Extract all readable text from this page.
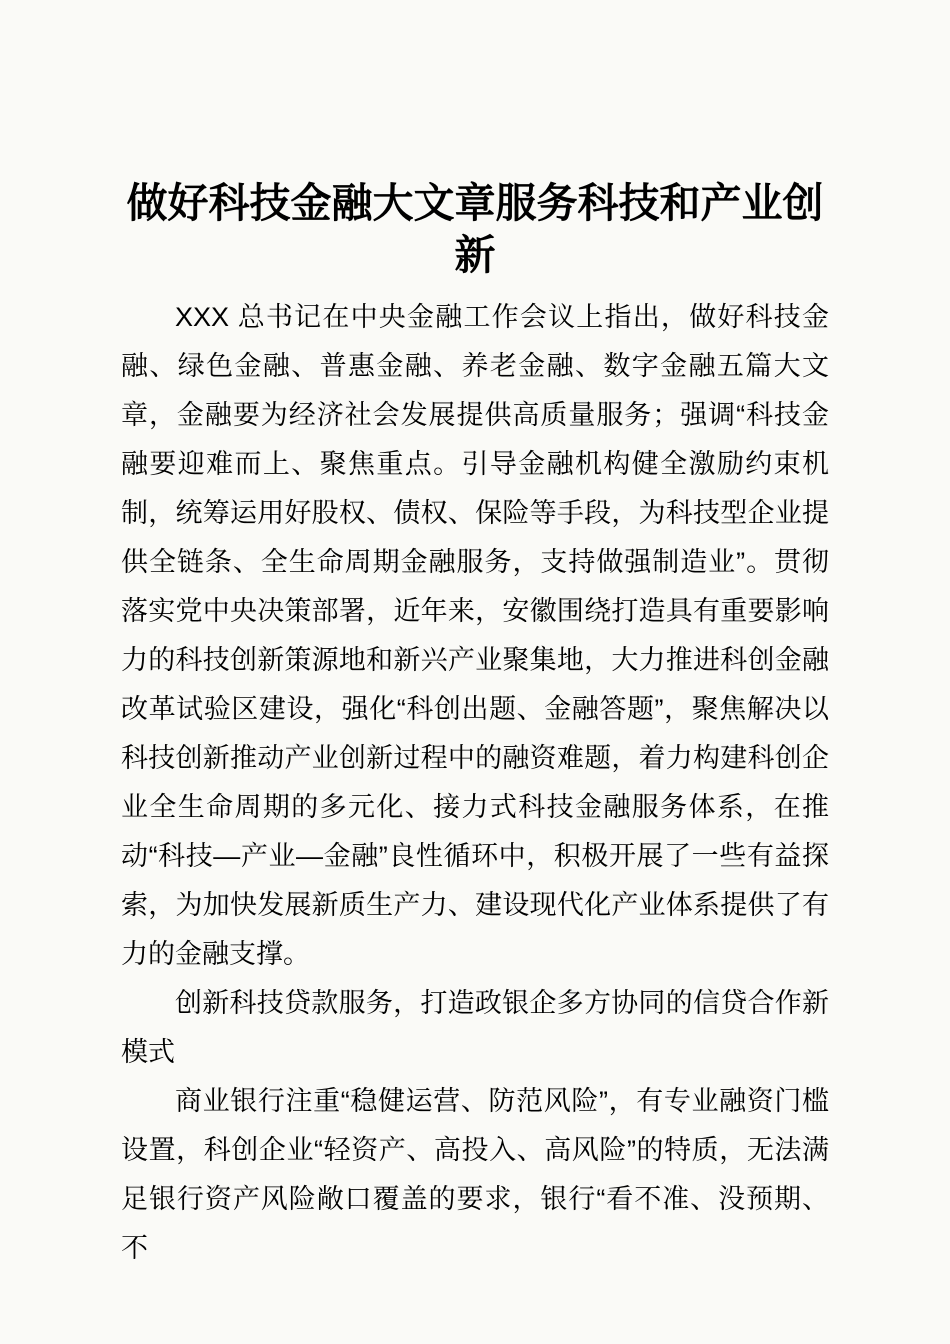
做好科技金融大文章服务科技和产业创新

XXX 总书记在中央金融工作会议上指出，做好科技金融、绿色金融、普惠金融、养老金融、数字金融五篇大文章，金融要为经济社会发展提供高质量服务；强调“科技金融要迎难而上、聚焦重点。引导金融机构健全激励约束机制，统筹运用好股权、债权、保险等手段，为科技型企业提供全链条、全生命周期金融服务，支持做强制造业”。贯彻落实党中央决策部署，近年来，安徽围绕打造具有重要影响力的科技创新策源地和新兴产业聚集地，大力推进科创金融改革试验区建设，强化“科创出题、金融答题”，聚焦解决以科技创新推动产业创新过程中的融资难题，着力构建科创企业全生命周期的多元化、接力式科技金融服务体系，在推动“科技—产业—金融”良性循环中，积极开展了一些有益探索，为加快发展新质生产力、建设现代化产业体系提供了有力的金融支撑。

创新科技贷款服务，打造政银企多方协同的信贷合作新模式

商业银行注重“稳健运营、防范风险”，有专业融资门槛设置，科创企业“轻资产、高投入、高风险”的特质，无法满足银行资产风险敞口覆盖的要求，银行“看不准、没预期、不
